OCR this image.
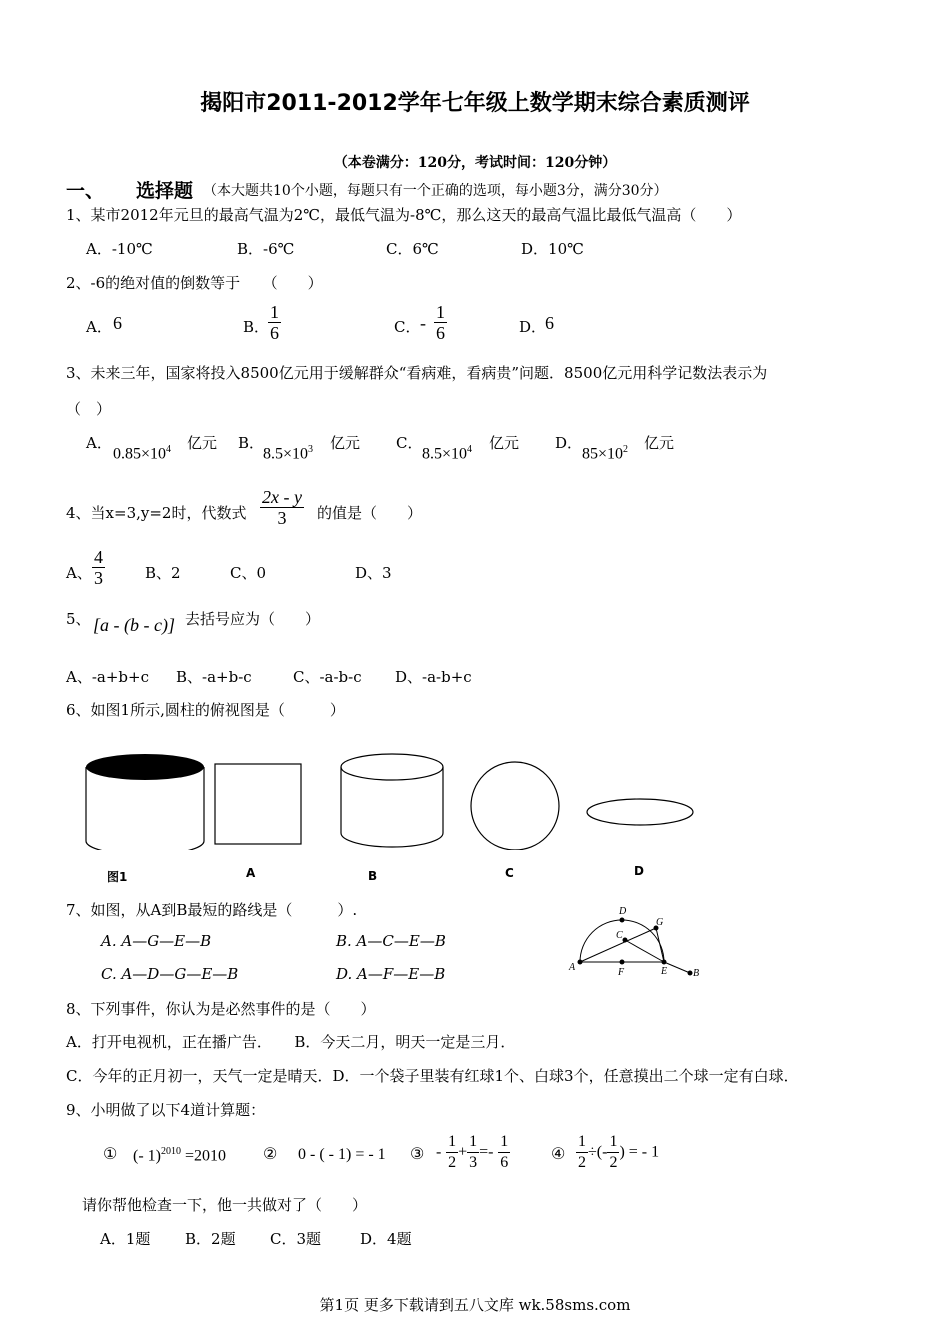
揭阳市2011-2012学年七年级上数学期末综合素质测评
（本卷满分：120分，考试时间：120分钟）
一、 选择题 （本大题共10个小题，每题只有一个正确的选项，每小题3分，满分30分）
1、某市2012年元旦的最高气温为2℃，最低气温为-8℃，那么这天的最高气温比最低气温高（　　）
A．-10℃	B．-6℃	C．6℃	D．10℃
2、-6的绝对值的倒数等于　　（　　）
A． 6	B．
$\frac{1}{6}$	C． - $\frac{1}{6}$	D．
6
3、未来三年，国家将投入8500亿元用于缓解群众“看病难，看病贵”问题．8500亿元用科学记数法表示为
（　）
A．
$0.85\times 10^4$ 亿元 B．
$8.5\times 10^3$ 亿元 C．
$8.5\times 10^4$ 亿元 D．
$85\times 10^2$ 亿元
4、当x=3,y=2时，代数式 $\frac{2x - y}{3}$ 的值是（　　）
A、 $\frac{4}{3}$	B、2	C、0	D、3
5、 [a - (b - c)] 去括号应为（　　）
A、-a+b+c B、-a+b-c	C、-a-b-c D、-a-b+c
6、如图1所示,圆柱的俯视图是（　　　）
图1	A	B	C	D
7、如图，从A到B最短的路线是（　　　）.
A. A—G—E—B	B. A—C—E—B
C. A—D—G—E—B	D. A—F—E—B	A
B
C
D
E
F
G
8、下列事件，你认为是必然事件的是（　　）
A．打开电视机，正在播广告．　　B．今天二月，明天一定是三月．
C．今年的正月初一，天气一定是晴天．D．一个袋子里装有红球1个、白球3个，任意摸出二个球一定有白球．
9、小明做了以下4道计算题：
① (- 1)$^{2010}$ =2010 ② 0 - ( - 1) = - 1 ③ - $\frac{1}{2} + \frac{1}{3} =- \frac{1}{6}$	④ $\frac{1}{2}$ ÷(- $\frac{1}{2}$ ) = - 1
请你帮他检查一下，他一共做对了（　　）
A．1题 B．2题 C．3题	D．4题
第1页 更多下载请到五八文库 wk.58sms.com
